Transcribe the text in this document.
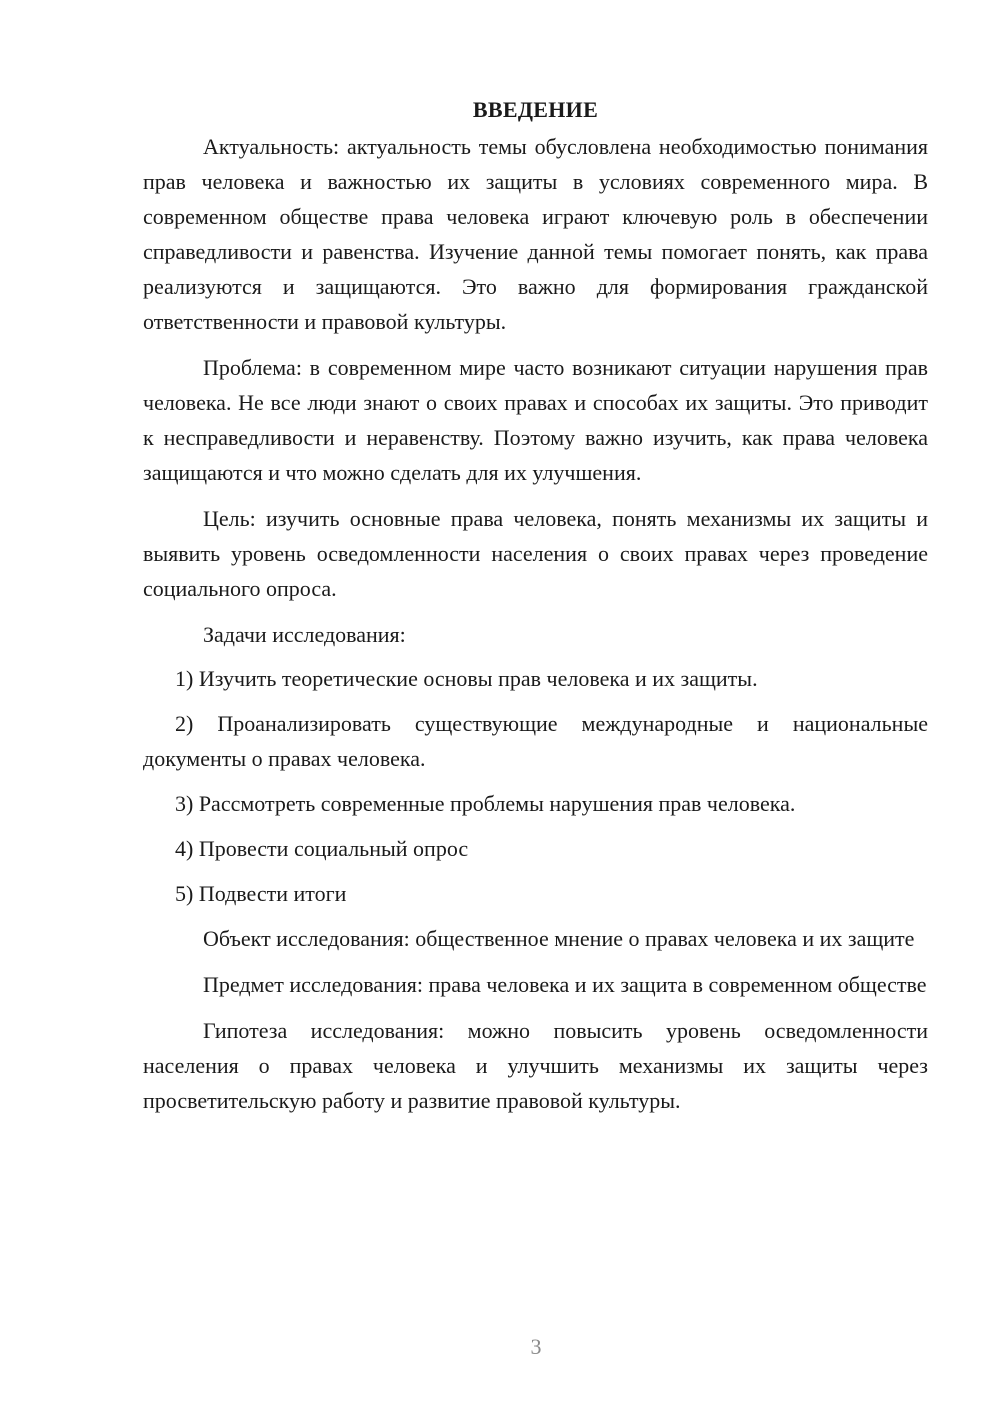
ВВЕДЕНИЕ

Актуальность: актуальность темы обусловлена необходимостью понимания прав человека и важностью их защиты в условиях современного мира. В современном обществе права человека играют ключевую роль в обеспечении справедливости и равенства. Изучение данной темы помогает понять, как права реализуются и защищаются. Это важно для формирования гражданской ответственности и правовой культуры.

Проблема: в современном мире часто возникают ситуации нарушения прав человека. Не все люди знают о своих правах и способах их защиты. Это приводит к несправедливости и неравенству. Поэтому важно изучить, как права человека защищаются и что можно сделать для их улучшения.

Цель: изучить основные права человека, понять механизмы их защиты и выявить уровень осведомленности населения о своих правах через проведение социального опроса.

Задачи исследования:

1) Изучить теоретические основы прав человека и их защиты.

2) Проанализировать существующие международные и национальные документы о правах человека.

3) Рассмотреть современные проблемы нарушения прав человека.

4) Провести социальный опрос

5) Подвести итоги

Объект исследования: общественное мнение о правах человека и их защите

Предмет исследования: права человека и их защита в современном обществе

Гипотеза исследования: можно повысить уровень осведомленности населения о правах человека и улучшить механизмы их защиты через просветительскую работу и развитие правовой культуры.

3
